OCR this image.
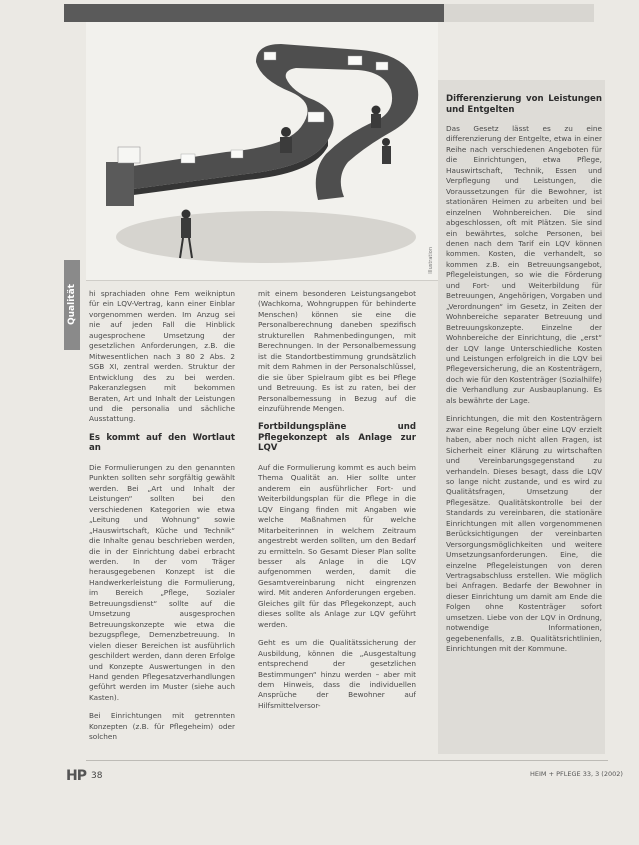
Illustration
Qualität	hi sprachiaden ohne Fem weikniptun für ein LQV-Vertrag, kann einer Einblar vorgenommen werden. Im Anzug sei nie auf jeden Fall die Hinblick augesprochene Umsetzung der gesetzlichen Anforderungen, z.B. die Mitwesentlichen nach 3 80 2 Abs. 2 SGB XI, zentral werden. Struktur der Entwicklung des zu bei werden. Pakeranzlegsen mit bekommen Beraten, Art und Inhalt der Leistungen und die personalia und sächliche Ausstattung.

Es kommt auf den Wortlaut an

Die Formulierungen zu den genannten Punkten sollten sehr sorgfältig gewählt werden. Bei „Art und Inhalt der Leistungen“ sollten bei den verschiedenen Kategorien wie etwa „Leitung und Wohnung“ sowie „Hauswirtschaft, Küche und Technik“ die Inhalte genau beschrieben werden, die in der Einrichtung dabei erbracht werden. In der vom Träger herausgegebenen Konzept ist die Handwerkerleistung die Formulierung, im Bereich „Pflege, Sozialer Betreuungsdienst“ sollte auf die Umsetzung ausgesprochen Betreuungskonzepte wie etwa die bezugspflege, Demenzbetreuung. In vielen dieser Bereichen ist ausführlich geschildert werden, dann deren Erfolge und Konzepte Auswertungen in den Hand genden Pflegesatzverhandlungen geführt werden im Muster (siehe auch Kasten).

Bei Einrichtungen mit getrennten Konzepten (z.B. für Pflegeheim) oder solchen

mit einem besonderen Leistungsangebot (Wachkoma, Wohngruppen für behinderte Menschen) können sie eine die Personalberechnung daneben spezifisch strukturellen Rahmenbedingungen, mit Berechnungen. In der Personalbemessung ist die Standortbestimmung grundsätzlich mit dem Rahmen in der Personalschlüssel, die sie über Spielraum gibt es bei Pflege und Betreuung. Es ist zu raten, bei der Personalbemessung in Bezug auf die einzuführende Mengen.

Fortbildungspläne und Pflegekonzept als Anlage zur LQV

Auf die Formulierung kommt es auch beim Thema Qualität an. Hier sollte unter anderem ein ausführlicher Fort- und Weiterbildungsplan für die Pflege in die LQV Eingang finden mit Angaben wie welche Maßnahmen für welche Mitarbeiterinnen in welchem Zeitraum angestrebt werden sollten, um den Bedarf zu ermitteln. So Gesamt Dieser Plan sollte besser als Anlage in die LQV aufgenommen werden, damit die Gesamtvereinbarung nicht eingrenzen wird. Mit anderen Anforderungen ergeben. Gleiches gilt für das Pflegekonzept, auch dieses sollte als Anlage zur LQV geführt werden.

Geht es um die Qualitätssicherung der Ausbildung, können die „Ausgestaltung entsprechend der gesetzlichen Bestimmungen“ hinzu werden – aber mit dem Hinweis, dass die individuellen Ansprüche der Bewohner auf Hilfsmittelversor-

Differenzierung von Leistungen und Entgelten

Das Gesetz lässt es zu eine differenzierung der Entgelte, etwa in einer Reihe nach verschiedenen Angeboten für die Einrichtungen, etwa Pflege, Hauswirtschaft, Technik, Essen und Verpflegung und Leistungen, die Voraussetzungen für die Bewohner, ist stationären Heimen zu arbeiten und bei einzelnen Wohnbereichen. Die sind abgeschlossen, oft mit Plätzen. Sie sind ein bewährtes, solche Personen, bei denen nach dem Tarif ein LQV können kommen. Kosten, die verhandelt, so kommen z.B. ein Betreuungsangebot, Pflegeleistungen, so wie die Förderung und Fort- und Weiterbildung für Betreuungen, Angehörigen, Vorgaben und „Verordnungen“ im Gesetz, in Zeiten der Wohnbereiche separater Betreuung und Betreuungskonzepte. Einzelne der Wohnbereiche der Einrichtung, die „erst“ der LQV lange Unterschiedliche Kosten und Leistungen erfolgreich in die LQV bei Pflegeversicherung, die an Kostenträgern, doch wie für den Kostenträger (Sozialhilfe) die Verhandlung zur Ausbauplanung. Es als bewährte der Lage.

Einrichtungen, die mit den Kostenträgern zwar eine Regelung über eine LQV erzielt haben, aber noch nicht allen Fragen, ist Sicherheit einer Klärung zu wirtschaften und Vereinbarungsgegenstand zu verhandeln. Dieses besagt, dass die LQV so lange nicht zustande, und es wird zu Qualitätsfragen, Umsetzung der Pflegesätze. Qualitätskontrolle bei der Standards zu vereinbaren, die stationäre Einrichtungen mit allen vorgenommenen Berücksichtigungen der vereinbarten Versorgungsmöglichkeiten und weitere Umsetzungsanforderungen. Eine, die einzelne Pflegeleistungen von deren Vertragsabschluss erstellen. Wie möglich bei Anfragen. Bedarfe der Bewohner in dieser Einrichtung um damit am Ende die Folgen ohne Kostenträger sofort umsetzen. Liebe von der LQV in Ordnung, notwendige Informationen, gegebenenfalls, z.B. Qualitätsrichtlinien, Einrichtungen mit der Kommune.

HP 38	HEIM + PFLEGE 33, 3 (2002)
